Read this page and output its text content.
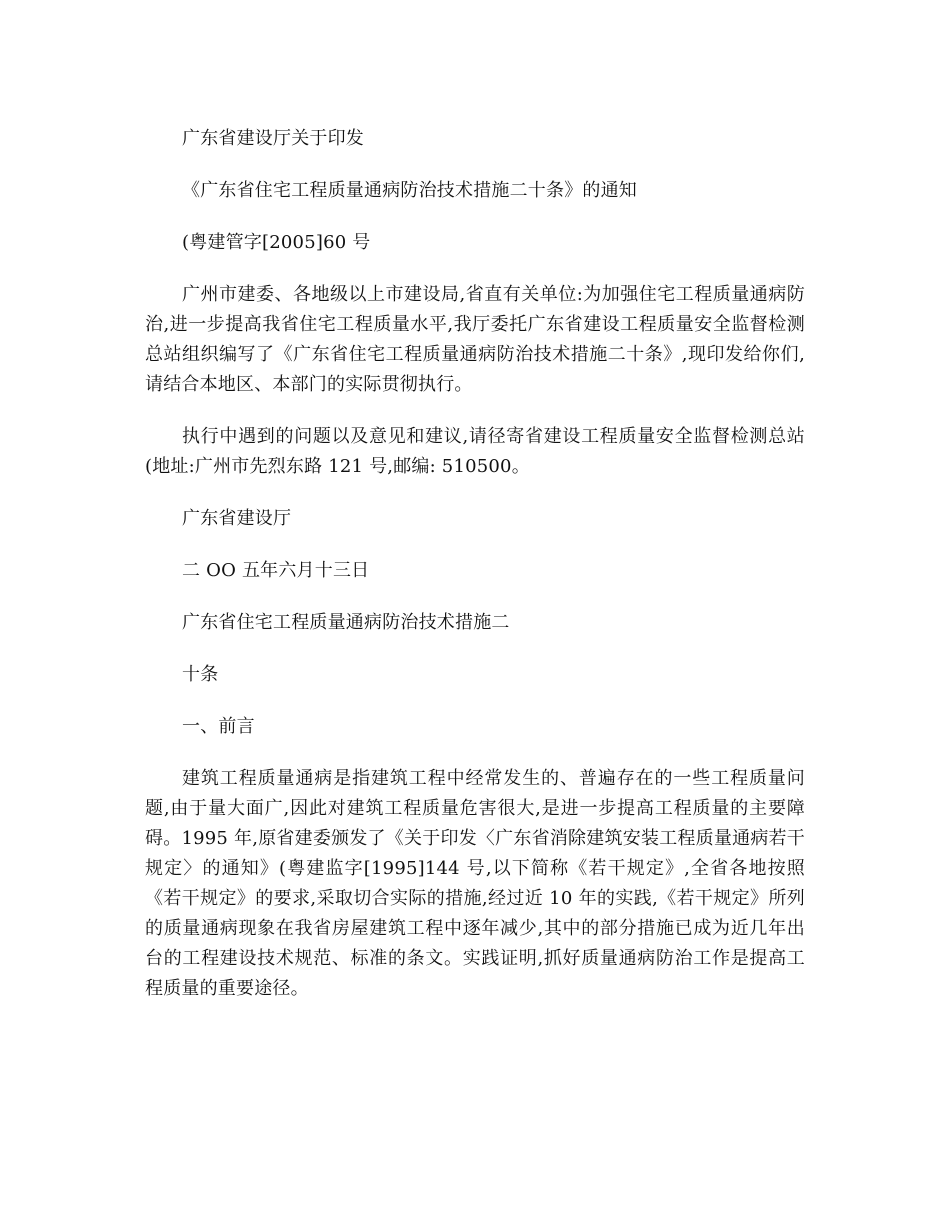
广东省建设厅关于印发

《广东省住宅工程质量通病防治技术措施二十条》的通知

(粤建管字[2005]60 号

广州市建委、各地级以上市建设局,省直有关单位:为加强住宅工程质量通病防治,进一步提高我省住宅工程质量水平,我厅委托广东省建设工程质量安全监督检测总站组织编写了《广东省住宅工程质量通病防治技术措施二十条》,现印发给你们,请结合本地区、本部门的实际贯彻执行。

执行中遇到的问题以及意见和建议,请径寄省建设工程质量安全监督检测总站(地址:广州市先烈东路 121 号,邮编: 510500。

广东省建设厅

二 OO 五年六月十三日

广东省住宅工程质量通病防治技术措施二

十条

一、前言

建筑工程质量通病是指建筑工程中经常发生的、普遍存在的一些工程质量问题,由于量大面广,因此对建筑工程质量危害很大,是进一步提高工程质量的主要障碍。1995 年,原省建委颁发了《关于印发〈广东省消除建筑安装工程质量通病若干规定〉的通知》(粤建监字[1995]144 号,以下简称《若干规定》,全省各地按照《若干规定》的要求,采取切合实际的措施,经过近 10 年的实践,《若干规定》所列的质量通病现象在我省房屋建筑工程中逐年减少,其中的部分措施已成为近几年出台的工程建设技术规范、标准的条文。实践证明,抓好质量通病防治工作是提高工程质量的重要途径。
